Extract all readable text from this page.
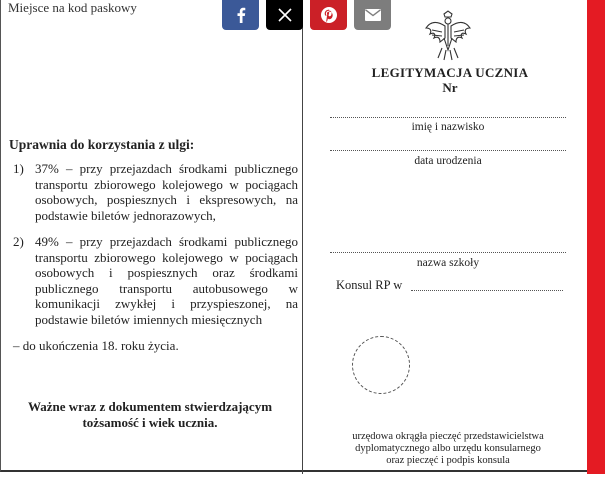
Miejsce na kod paskowy
Uprawnia do korzystania z ulgi:
1) 37% – przy przejazdach środkami publicznego transportu zbiorowego kolejowego w pociągach osobowych, pospiesznych i ekspresowych, na podstawie biletów jednorazowych,
2) 49% – przy przejazdach środkami publicznego transportu zbiorowego kolejowego w pociągach osobowych i pospiesznych oraz środkami publicznego transportu autobusowego w komunikacji zwykłej i przyspieszonej, na podstawie biletów imiennych miesięcznych
– do ukończenia 18. roku życia.
Ważne wraz z dokumentem stwierdzającym
tożsamość i wiek ucznia.
LEGITYMACJA UCZNIA
Nr
imię i nazwisko
data urodzenia
nazwa szkoły
Konsul RP w
urzędowa okrągła pieczęć przedstawicielstwa
dyplomatycznego albo urzędu konsularnego
oraz pieczęć i podpis konsula
